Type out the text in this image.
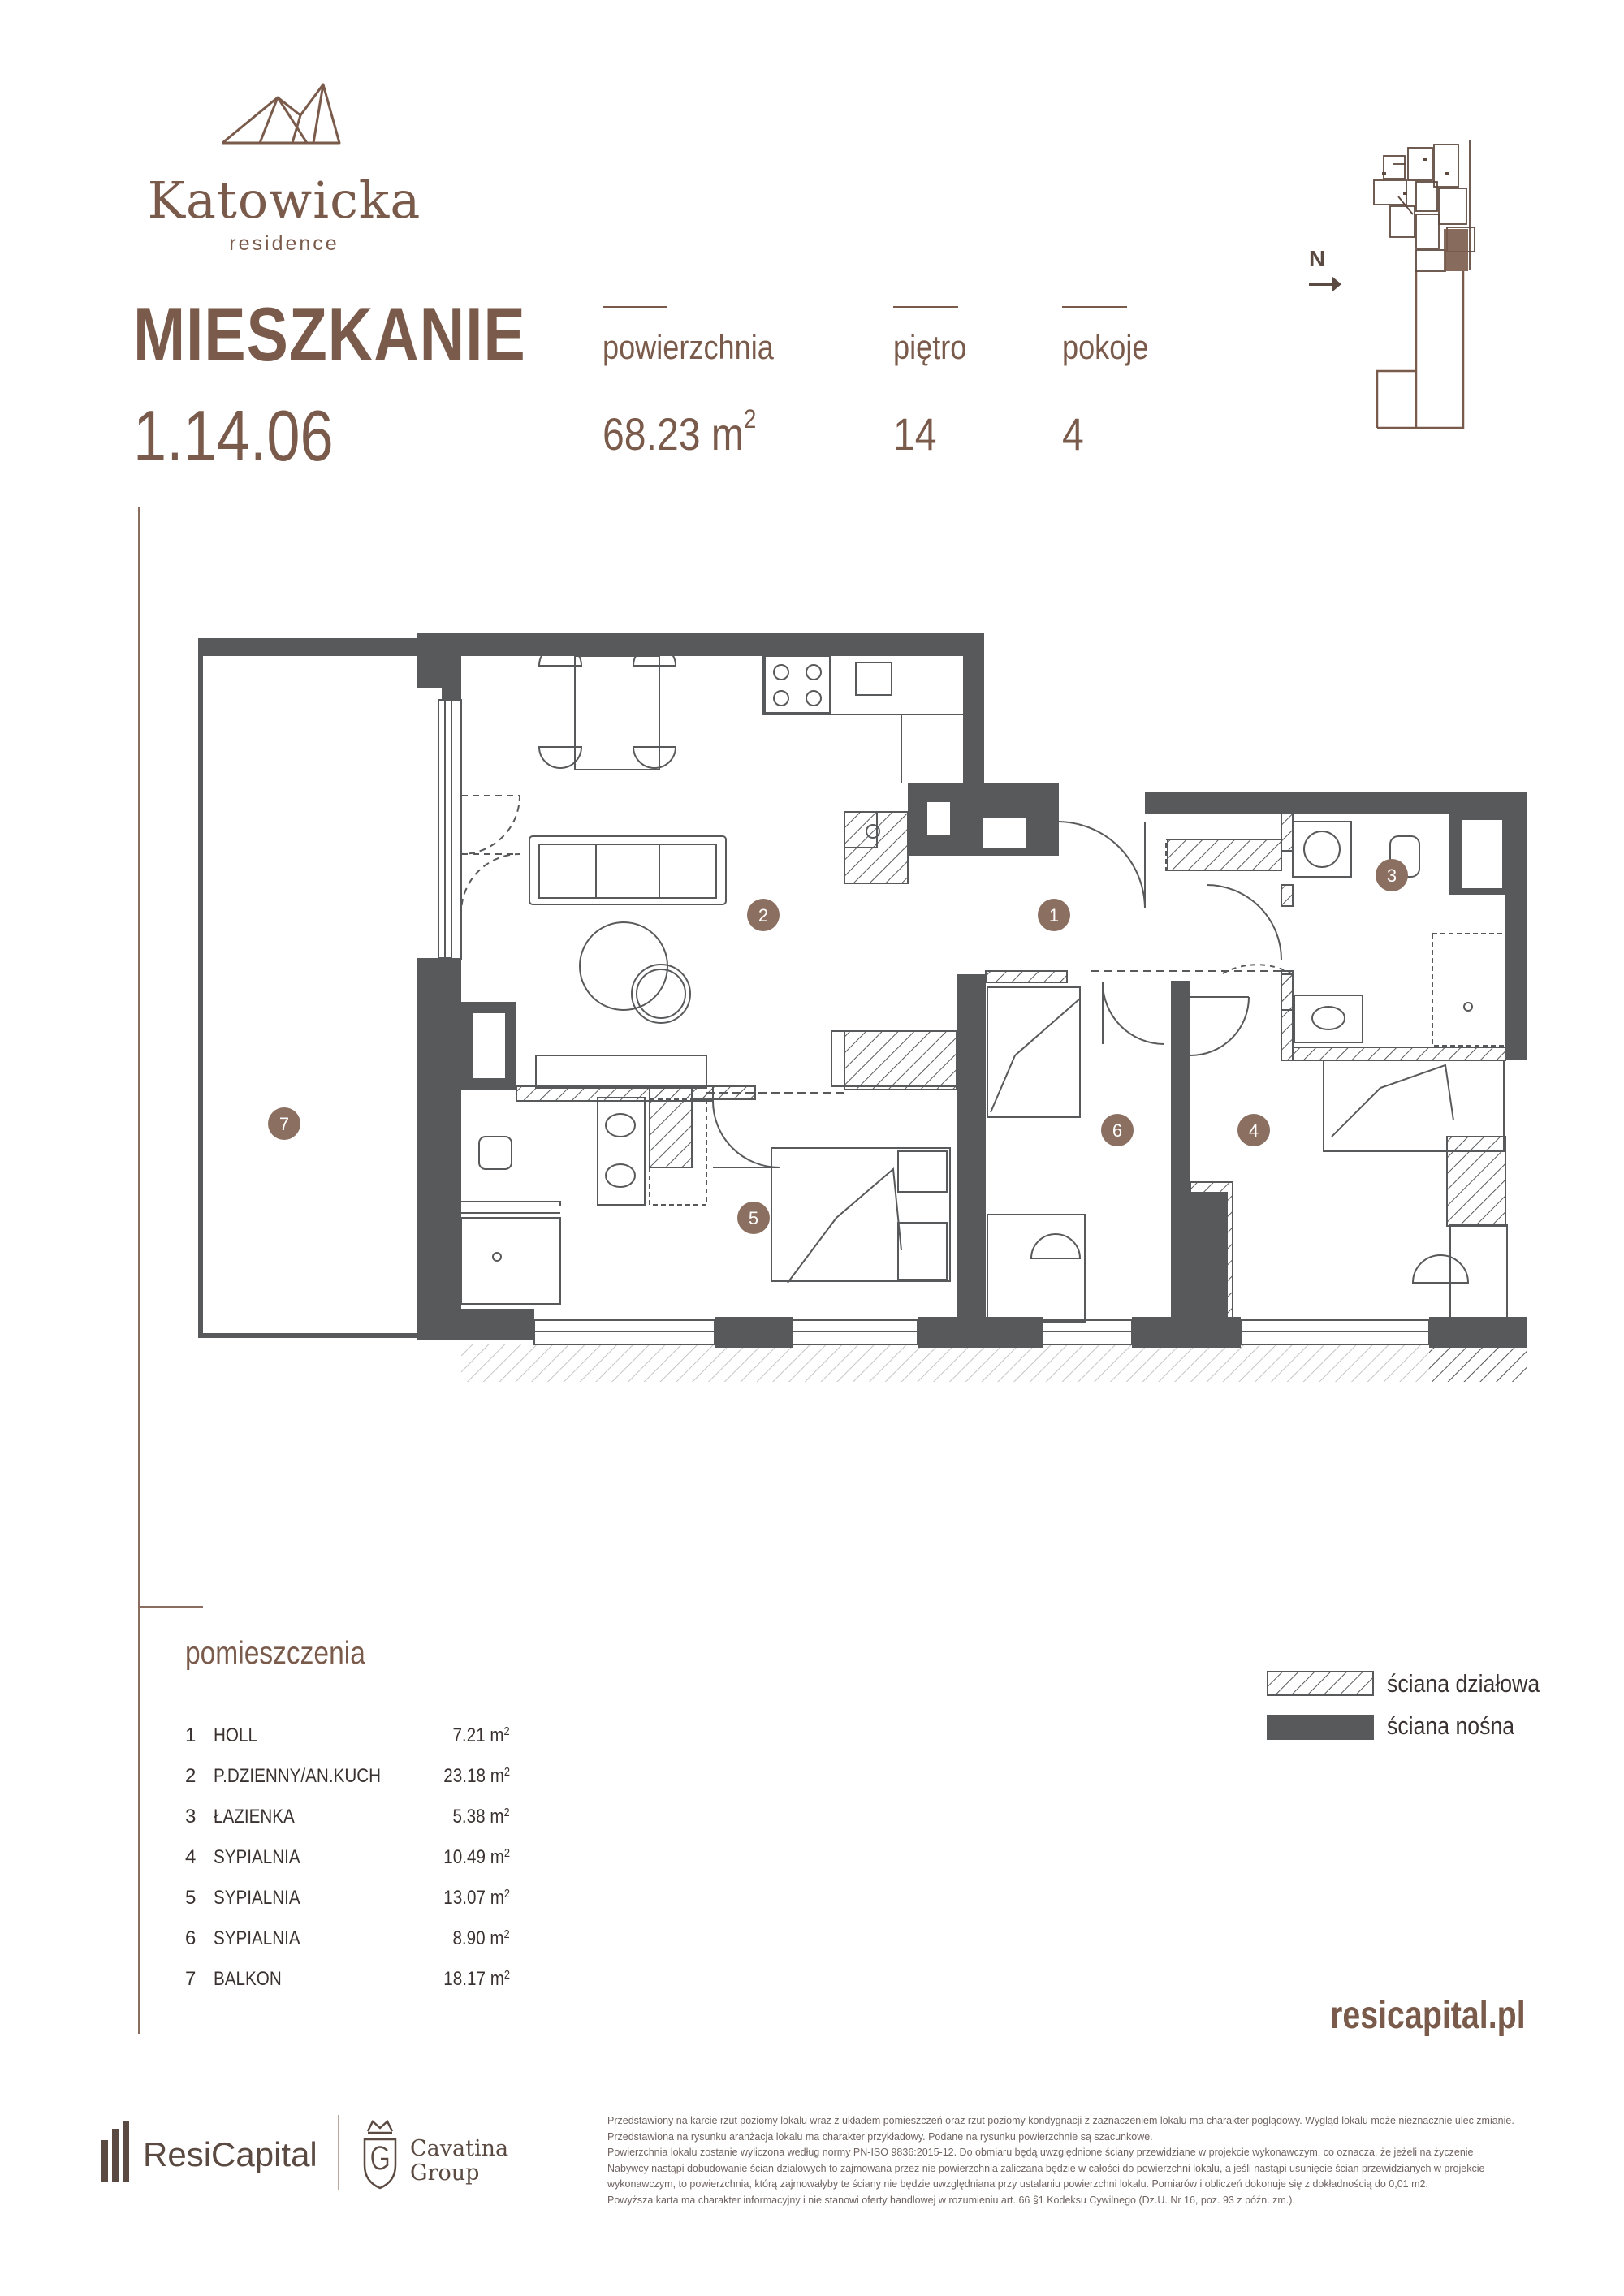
Katowicka
residence
MIESZKANIE
1.14.06
powierzchnia
68.23 $m^2$
piętro
14
pokoje
4
N
1
2
3
4
5
6
7
pomieszczenia
1 HOLL	7.21 $m^2$
2 P.DZIENNY/AN.KUCH	23.18 $m^2$
3 ŁAZIENKA	5.38 $m^2$
4 SYPIALNIA	10.49 $m^2$
5 SYPIALNIA	13.07 $m^2$
6 SYPIALNIA	8.90 $m^2$
7 BALKON	18.17 $m^2$
ściana działowa
ściana nośna
resicapital.pl
ResiCapital	Cavatina
Group

Przedstawiony na karcie rzut poziomy lokalu wraz z układem pomieszczeń oraz rzut poziomy kondygnacji z zaznaczeniem lokalu ma charakter poglądowy. Wygląd lokalu może nieznacznie ulec zmianie.

Przedstawiona na rysunku aranżacja lokalu ma charakter przykładowy. Podane na rysunku powierzchnie są szacunkowe.

Powierzchnia lokalu zostanie wyliczona według normy PN-ISO 9836:2015-12. Do obmiaru będą uwzględnione ściany przewidziane w projekcie wykonawczym, co oznacza, że jeżeli na życzenie

Nabywcy nastąpi dobudowanie ścian działowych to zajmowana przez nie powierzchnia zaliczana będzie w całości do powierzchni lokalu, a jeśli nastąpi usunięcie ścian przewidzianych w projekcie

wykonawczym, to powierzchnia, którą zajmowałyby te ściany nie będzie uwzględniana przy ustalaniu powierzchni lokalu. Pomiarów i obliczeń dokonuje się z dokładnością do 0,01 m2.

Powyższa karta ma charakter informacyjny i nie stanowi oferty handlowej w rozumieniu art. 66 §1 Kodeksu Cywilnego (Dz.U. Nr 16, poz. 93 z późn. zm.).
